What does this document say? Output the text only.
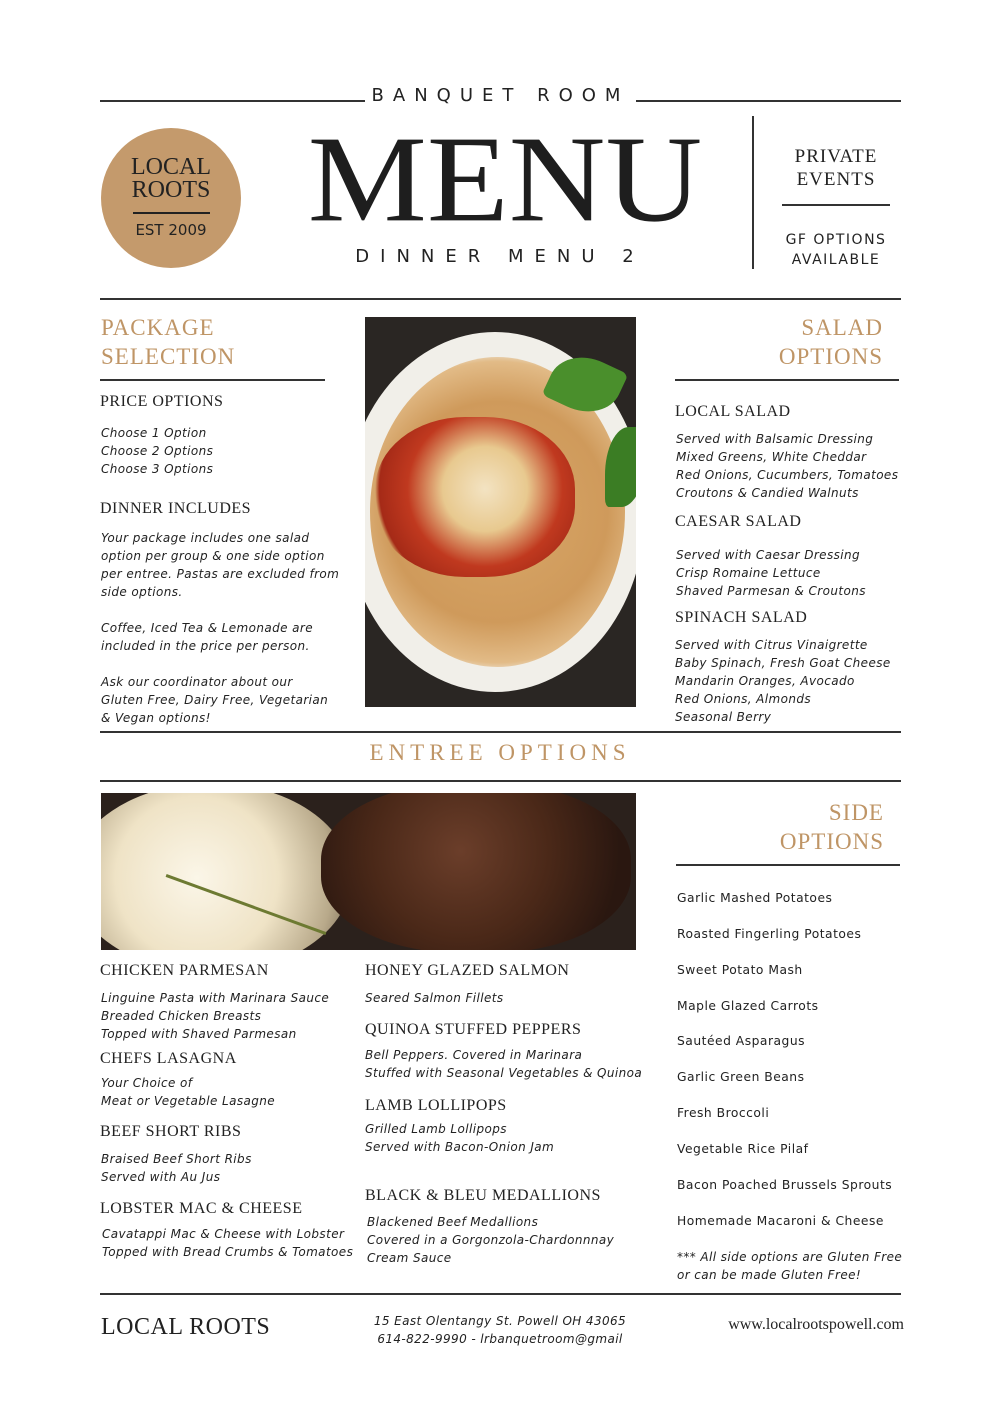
BANQUET ROOM
LOCAL
ROOTS
EST 2009 MENU
DINNER MENU 2
PRIVATE
EVENTS
GF OPTIONS
AVAILABLE
PACKAGE
SELECTION
PRICE OPTIONS
Choose 1 Option
Choose 2 Options
Choose 3 Options
DINNER INCLUDES
Your package includes one salad
option per group & one side option
per entree. Pastas are excluded from
side options.
Coffee, Iced Tea & Lemonade are
included in the price per person.
Ask our coordinator about our
Gluten Free, Dairy Free, Vegetarian
& Vegan options!
SALAD
OPTIONS
LOCAL SALAD
Served with Balsamic Dressing
Mixed Greens, White Cheddar
Red Onions, Cucumbers, Tomatoes
Croutons & Candied Walnuts
CAESAR SALAD
Served with Caesar Dressing
Crisp Romaine Lettuce
Shaved Parmesan & Croutons
SPINACH SALAD
Served with Citrus Vinaigrette
Baby Spinach, Fresh Goat Cheese
Mandarin Oranges, Avocado
Red Onions, Almonds
Seasonal Berry
ENTREE OPTIONS
CHICKEN PARMESAN
Linguine Pasta with Marinara Sauce
Breaded Chicken Breasts
Topped with Shaved Parmesan
CHEFS LASAGNA
Your Choice of
Meat or Vegetable Lasagne
BEEF SHORT RIBS
Braised Beef Short Ribs
Served with Au Jus
LOBSTER MAC & CHEESE
Cavatappi Mac & Cheese with Lobster
Topped with Bread Crumbs & Tomatoes
HONEY GLAZED SALMON
Seared Salmon Fillets
QUINOA STUFFED PEPPERS
Bell Peppers. Covered in Marinara
Stuffed with Seasonal Vegetables & Quinoa
LAMB LOLLIPOPS
Grilled Lamb Lollipops
Served with Bacon-Onion Jam
BLACK & BLEU MEDALLIONS
Blackened Beef Medallions
Covered in a Gorgonzola-Chardonnnay
Cream Sauce
SIDE
OPTIONS
Garlic Mashed Potatoes
Roasted Fingerling Potatoes
Sweet Potato Mash
Maple Glazed Carrots
Sautéed Asparagus
Garlic Green Beans
Fresh Broccoli
Vegetable Rice Pilaf
Bacon Poached Brussels Sprouts
Homemade Macaroni & Cheese
*** All side options are Gluten Free
or can be made Gluten Free!
LOCAL ROOTS	15 East Olentangy St. Powell OH 43065
614-822-9990 - lrbanquetroom@gmail
www.localrootspowell.com
